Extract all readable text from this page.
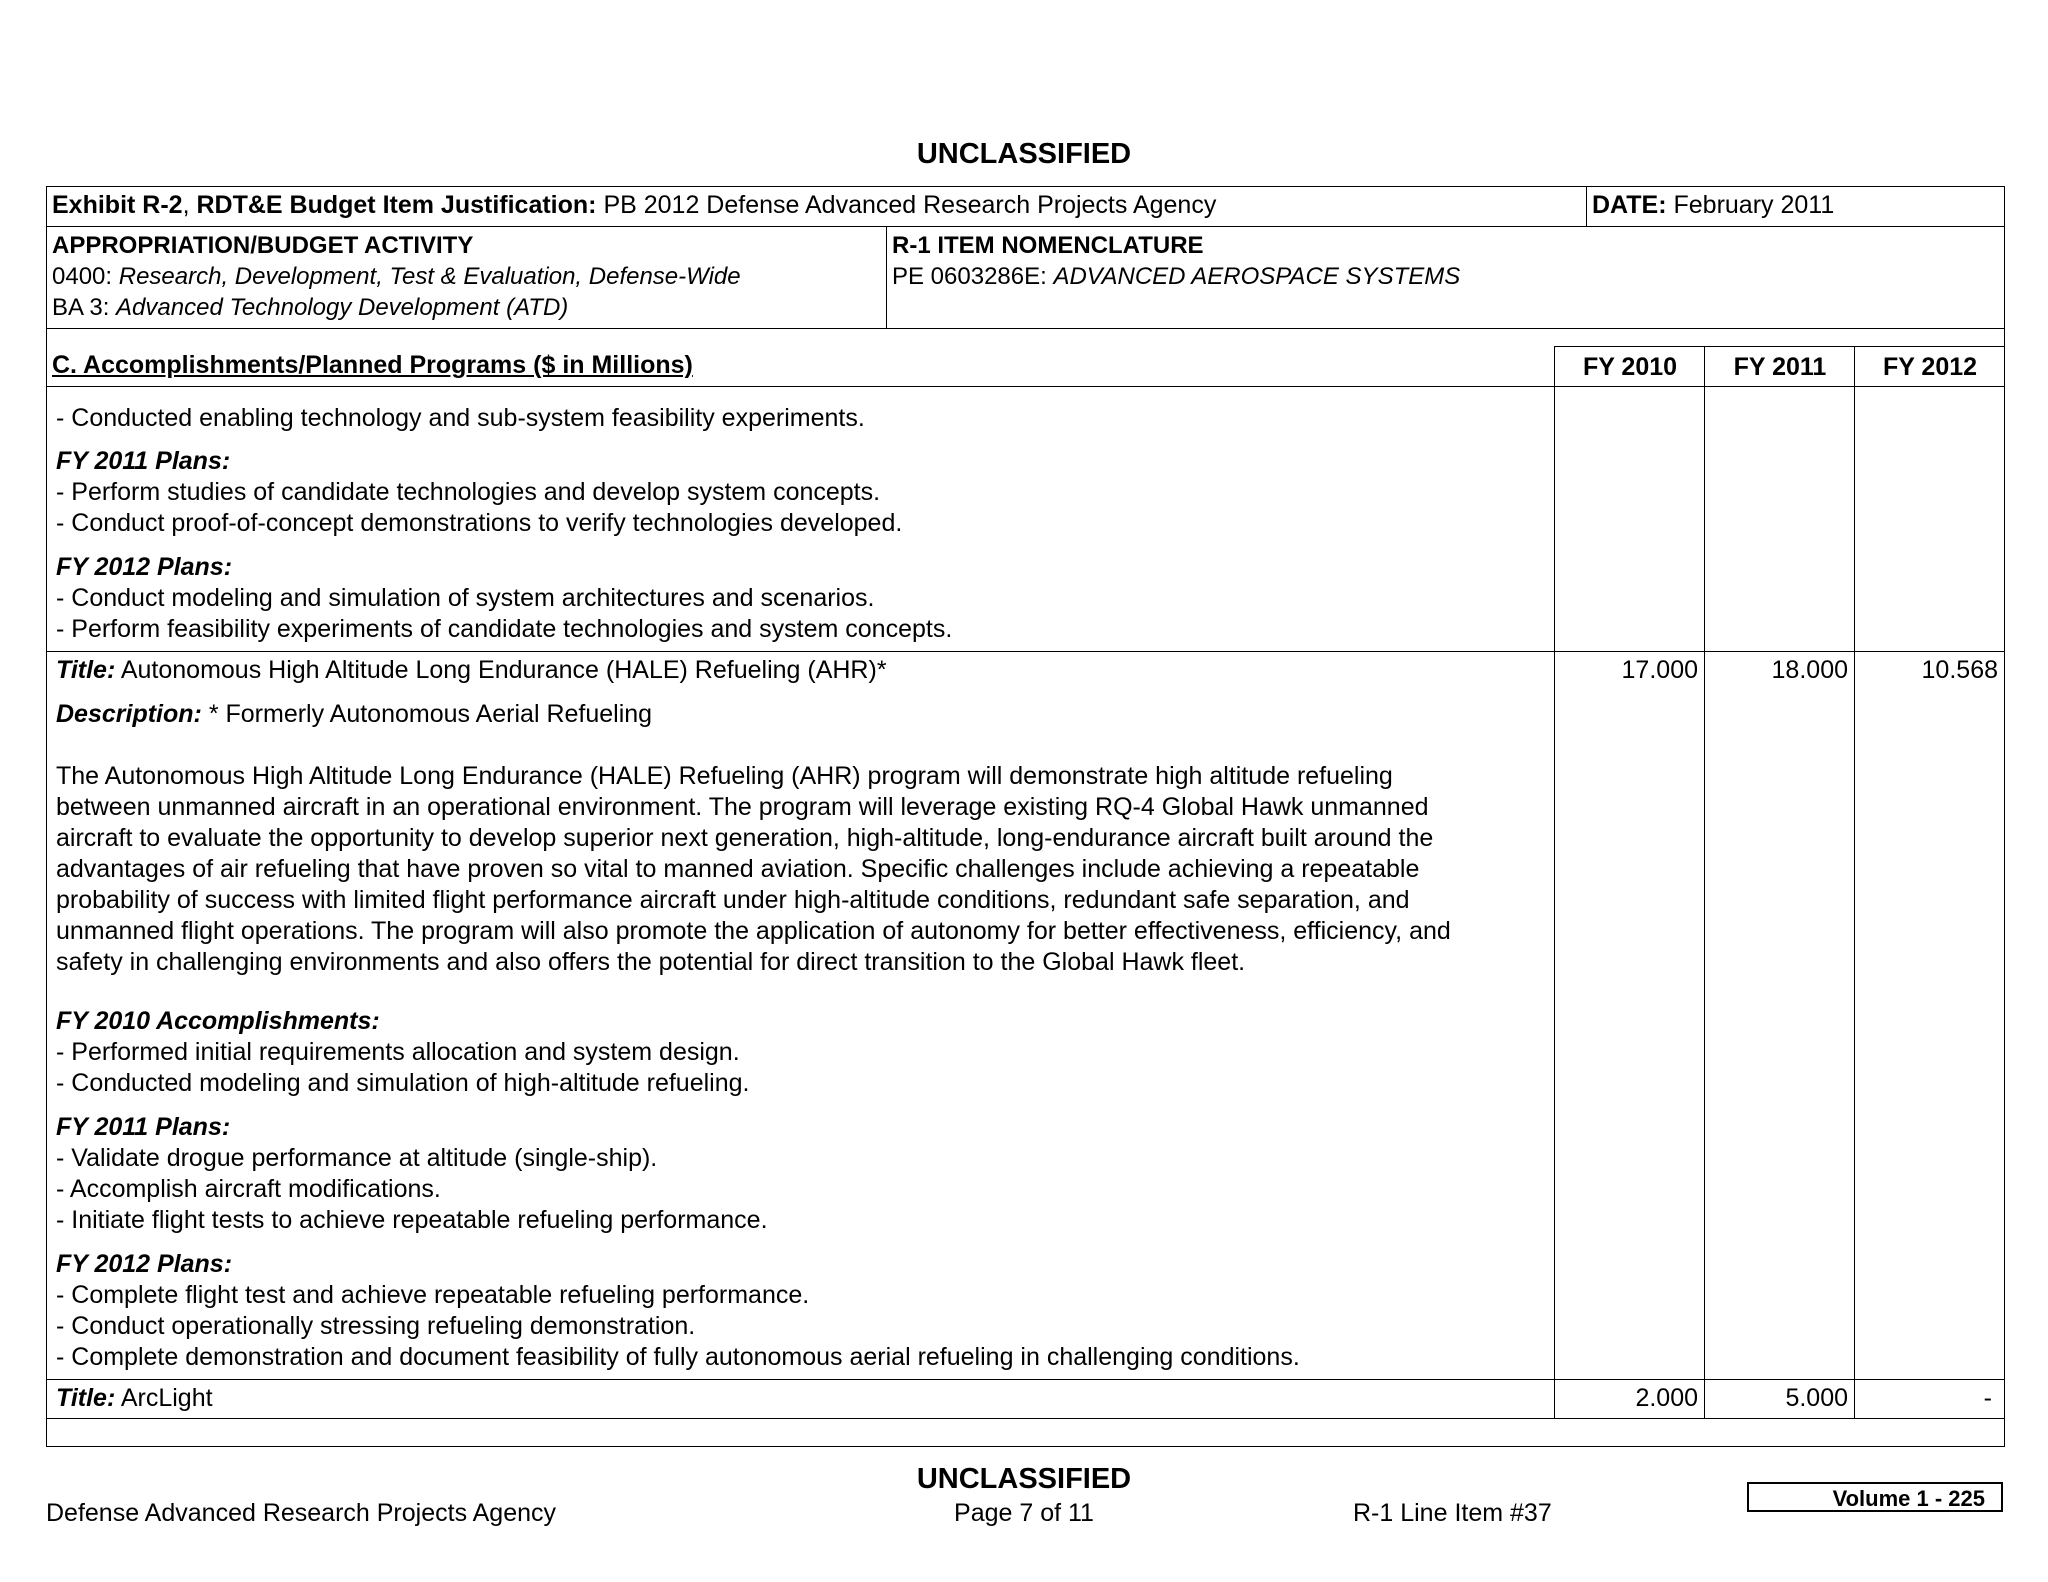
UNCLASSIFIED
Exhibit R-2, RDT&E Budget Item Justification: PB 2012 Defense Advanced Research Projects Agency	DATE: February 2011
APPROPRIATION/BUDGET ACTIVITY
0400: Research, Development, Test & Evaluation, Defense-Wide
BA 3: Advanced Technology Development (ATD)
R-1 ITEM NOMENCLATURE
PE 0603286E: ADVANCED AEROSPACE SYSTEMS
C. Accomplishments/Planned Programs ($ in Millions)	FY 2010	FY 2011	FY 2012
- Conducted enabling technology and sub-system feasibility experiments.
FY 2011 Plans:
- Perform studies of candidate technologies and develop system concepts.
- Conduct proof-of-concept demonstrations to verify technologies developed.
FY 2012 Plans:
- Conduct modeling and simulation of system architectures and scenarios.
- Perform feasibility experiments of candidate technologies and system concepts.
Title: Autonomous High Altitude Long Endurance (HALE) Refueling (AHR)*	17.000	18.000	10.568
Description: * Formerly Autonomous Aerial Refueling
The Autonomous High Altitude Long Endurance (HALE) Refueling (AHR) program will demonstrate high altitude refueling
between unmanned aircraft in an operational environment. The program will leverage existing RQ-4 Global Hawk unmanned
aircraft to evaluate the opportunity to develop superior next generation, high-altitude, long-endurance aircraft built around the
advantages of air refueling that have proven so vital to manned aviation. Specific challenges include achieving a repeatable
probability of success with limited flight performance aircraft under high-altitude conditions, redundant safe separation, and
unmanned flight operations. The program will also promote the application of autonomy for better effectiveness, efficiency, and
safety in challenging environments and also offers the potential for direct transition to the Global Hawk fleet.
FY 2010 Accomplishments:
- Performed initial requirements allocation and system design.
- Conducted modeling and simulation of high-altitude refueling.
FY 2011 Plans:
- Validate drogue performance at altitude (single-ship).
- Accomplish aircraft modifications.
- Initiate flight tests to achieve repeatable refueling performance.
FY 2012 Plans:
- Complete flight test and achieve repeatable refueling performance.
- Conduct operationally stressing refueling demonstration.
- Complete demonstration and document feasibility of fully autonomous aerial refueling in challenging conditions.
Title: ArcLight	2.000	5.000	-
UNCLASSIFIED
Defense Advanced Research Projects Agency	Page 7 of 11	R-1 Line Item #37
Volume 1 - 225
